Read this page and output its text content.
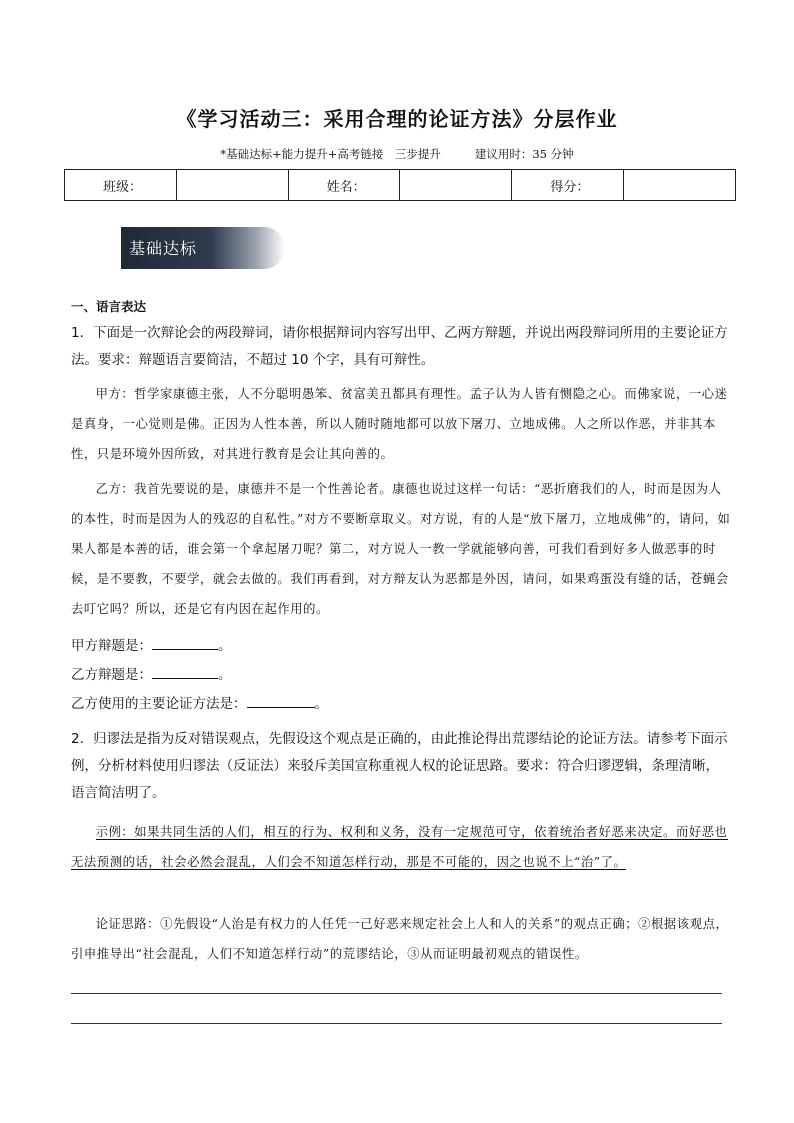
《学习活动三：采用合理的论证方法》分层作业
*基础达标+能力提升+高考链接　三步提升	建议用时：35 分钟
班级：		姓名：		得分：	
基础达标
一、语言表达
1．下面是一次辩论会的两段辩词，请你根据辩词内容写出甲、乙两方辩题，并说出两段辩词所用的主要论证方法。要求：辩题语言要简洁，不超过 10 个字，具有可辩性。
甲方：哲学家康德主张，人不分聪明愚笨、贫富美丑都具有理性。孟子认为人皆有恻隐之心。而佛家说，一心迷是真身，一心觉则是佛。正因为人性本善，所以人随时随地都可以放下屠刀、立地成佛。人之所以作恶，并非其本性，只是环境外因所致，对其进行教育是会让其向善的。
乙方：我首先要说的是，康德并不是一个性善论者。康德也说过这样一句话：“恶折磨我们的人，时而是因为人的本性，时而是因为人的残忍的自私性。”对方不要断章取义。对方说，有的人是“放下屠刀，立地成佛”的，请问，如果人都是本善的话，谁会第一个拿起屠刀呢？第二，对方说人一教一学就能够向善，可我们看到好多人做恶事的时候，是不要教，不要学，就会去做的。我们再看到，对方辩友认为恶都是外因，请问，如果鸡蛋没有缝的话，苍蝇会去叮它吗？所以，还是它有内因在起作用的。
甲方辩题是：	。
乙方辩题是：	。
乙方使用的主要论证方法是：	。
2．归谬法是指为反对错误观点，先假设这个观点是正确的，由此推论得出荒谬结论的论证方法。请参考下面示例，分析材料使用归谬法（反证法）来驳斥美国宣称重视人权的论证思路。要求：符合归谬逻辑，条理清晰，语言简洁明了。
示例：如果共同生活的人们，相互的行为、权利和义务，没有一定规范可守，依着统治者好恶来决定。而好恶也无法预测的话，社会必然会混乱，人们会不知道怎样行动，那是不可能的，因之也说不上“治”了。
论证思路：①先假设“人治是有权力的人任凭一己好恶来规定社会上人和人的关系”的观点正确；②根据该观点，引申推导出“社会混乱，人们不知道怎样行动”的荒谬结论，③从而证明最初观点的错误性。
